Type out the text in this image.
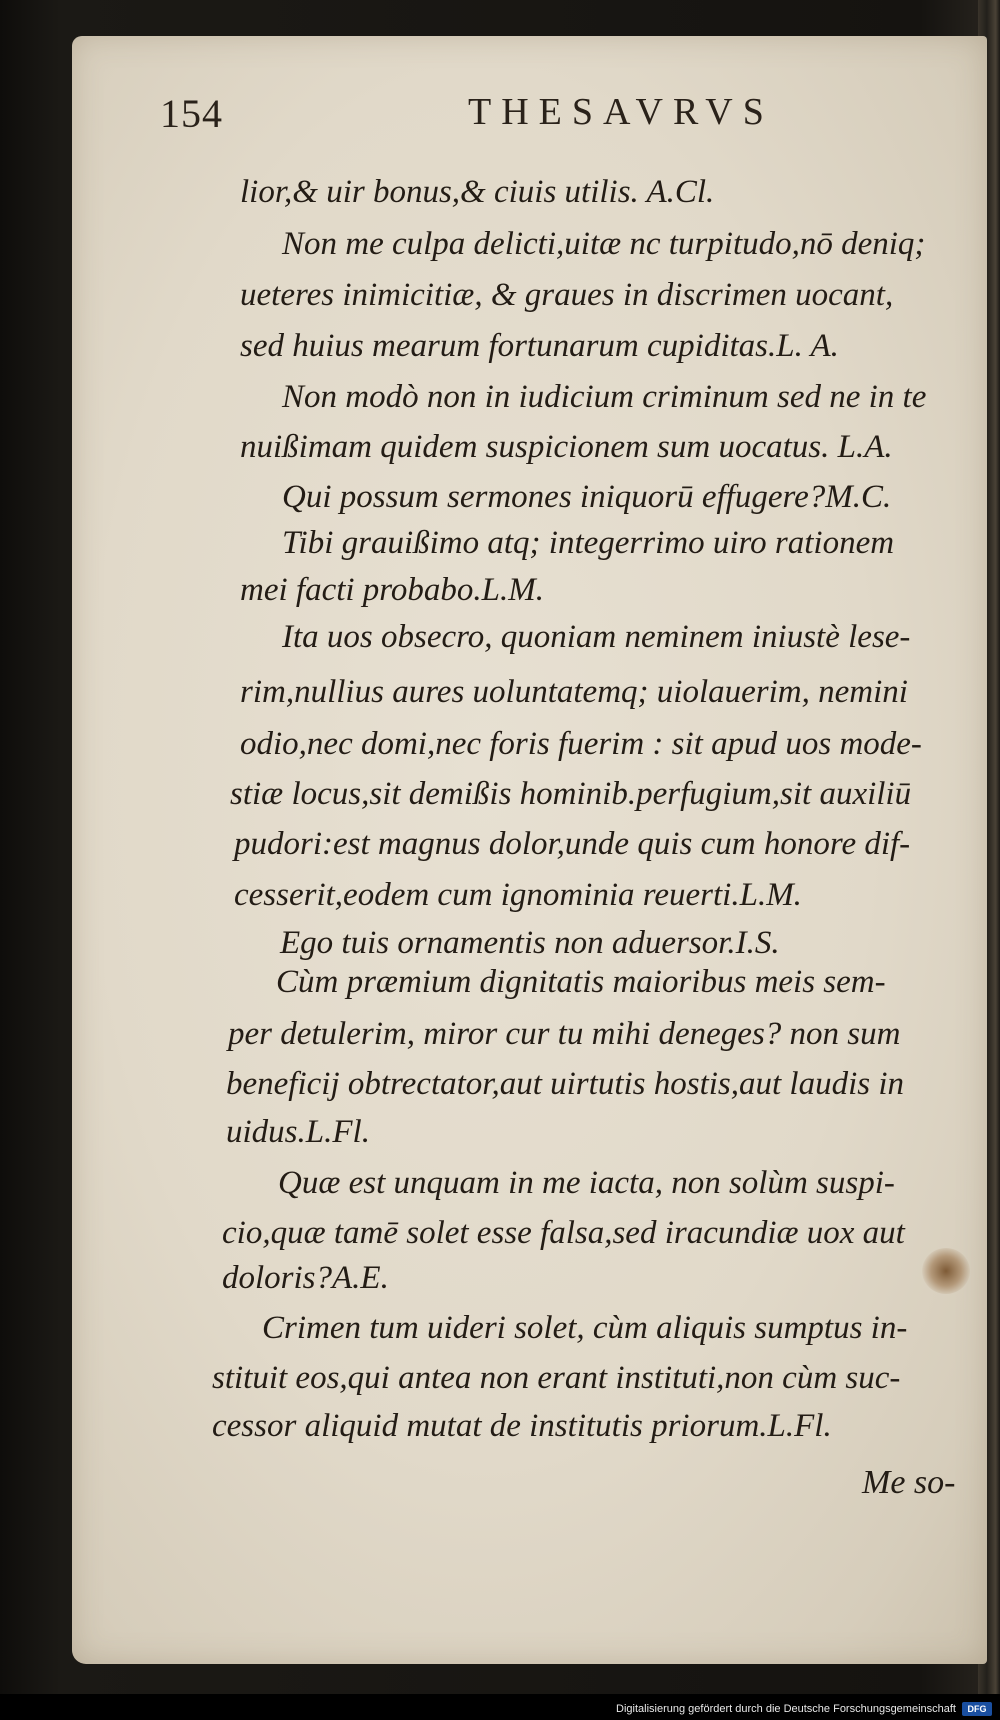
154	THESAVRVS
lior,& uir bonus,& ciuis utilis. A.Cl.
Non me culpa delicti,uitæ nc turpitudo,nō deniq;
ueteres inimicitiæ, & graues in discrimen uocant,
sed huius mearum fortunarum cupiditas.L. A.
Non modò non in iudicium criminum sed ne in te
nuißimam quidem suspicionem sum uocatus. L.A.
Qui possum sermones iniquorū effugere?M.C.
Tibi grauißimo atq; integerrimo uiro rationem
mei facti probabo.L.M.
Ita uos obsecro, quoniam neminem iniustè lese-
rim,nullius aures uoluntatemq; uiolauerim, nemini
odio,nec domi,nec foris fuerim : sit apud uos mode-
stiæ locus,sit demißis hominib.perfugium,sit auxiliū
pudori:est magnus dolor,unde quis cum honore dif-
cesserit,eodem cum ignominia reuerti.L.M.
Ego tuis ornamentis non aduersor.I.S.
Cùm præmium dignitatis maioribus meis sem-
per detulerim, miror cur tu mihi deneges? non sum
beneficij obtrectator,aut uirtutis hostis,aut laudis in
uidus.L.Fl.
Quæ est unquam in me iacta, non solùm suspi-
cio,quæ tamē solet esse falsa,sed iracundiæ uox aut
doloris?A.E.
Crimen tum uideri solet, cùm aliquis sumptus in-
stituit eos,qui antea non erant instituti,non cùm suc-
cessor aliquid mutat de institutis priorum.L.Fl.
Me so-
Digitalisierung gefördert durch die Deutsche Forschungsgemeinschaft	DFG
